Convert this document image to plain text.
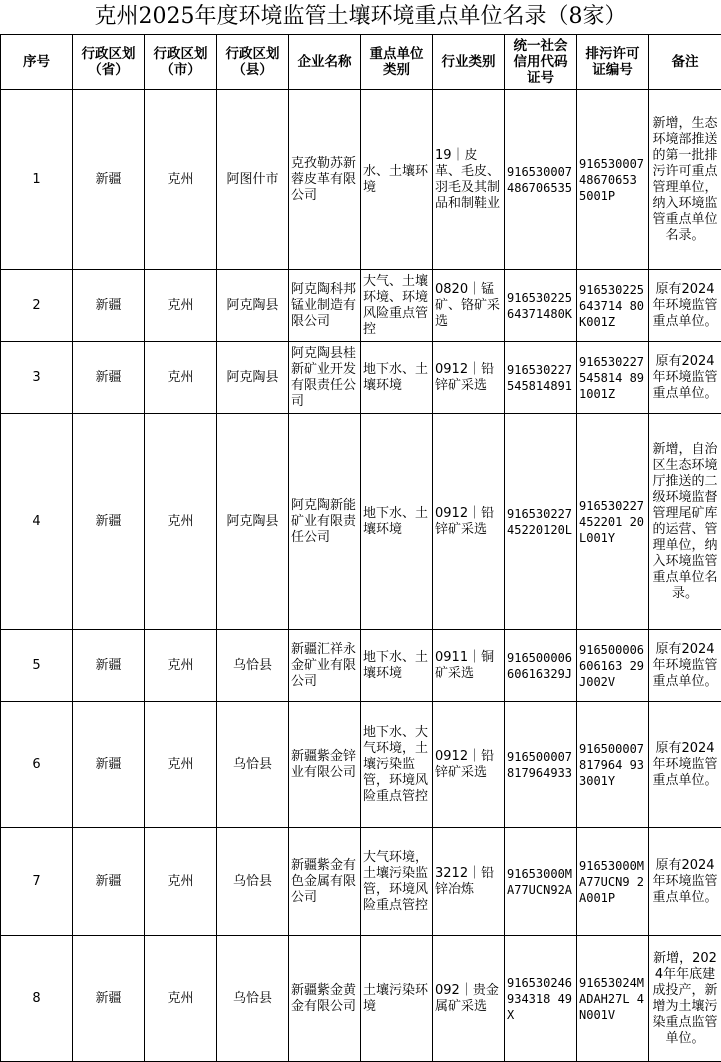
克州2025年度环境监管土壤环境重点单位名录（8家）
序号	行政区划（省）	行政区划（市）	行政区划（县）	企业名称	重点单位类别	行业类别	统一社会信用代码证号	排污许可证编号	备注
1	新疆	克州	阿图什市	克孜勒苏新蓉皮革有限公司	水、土壤环境	19｜皮革、毛皮、羽毛及其制品和制鞋业	916530007486706535	91653000748670653 5001P	新增，生态环境部推送的第一批排污许可重点管理单位，纳入环境监管重点单位名录。
2	新疆	克州	阿克陶县	阿克陶科邦锰业制造有限公司	大气、土壤环境、环境风险重点管控	0820｜锰矿、铬矿采选	91653022564371480K	916530225643714 80K001Z	原有2024年环境监管重点单位。
3	新疆	克州	阿克陶县	阿克陶县桂新矿业开发有限责任公司	地下水、土壤环境	0912｜铅锌矿采选	916530227545814891	916530227545814 891001Z	原有2024年环境监管重点单位。
4	新疆	克州	阿克陶县	阿克陶新能矿业有限责任公司	地下水、土壤环境	0912｜铅锌矿采选	91653022745220120L	916530227452201 20L001Y	新增，自治区生态环境厅推送的二级环境监督管理尾矿库的运营、管理单位，纳入环境监管重点单位名录。
5	新疆	克州	乌恰县	新疆汇祥永金矿业有限公司	地下水、土壤环境	0911｜铜矿采选	91650000660616329J	916500006606163 29J002V	原有2024年环境监管重点单位。
6	新疆	克州	乌恰县	新疆紫金锌业有限公司	地下水、大气环境，土壤污染监管，环境风险重点管控	0912｜铅锌矿采选	916500007817964933	916500007817964 933001Y	原有2024年环境监管重点单位。
7	新疆	克州	乌恰县	新疆紫金有色金属有限公司	大气环境，土壤污染监管，环境风险重点管控	3212｜铅锌冶炼	91653000MA77UCN92A	91653000MA77UCN9 2A001P	原有2024年环境监管重点单位。
8	新疆	克州	乌恰县	新疆紫金黄金有限公司	土壤污染环境	092｜贵金属矿采选	916530246934318 49X	91653024MADAH27L 4N001V	新增，2024年年底建成投产，新增为土壤污染重点监管单位。
